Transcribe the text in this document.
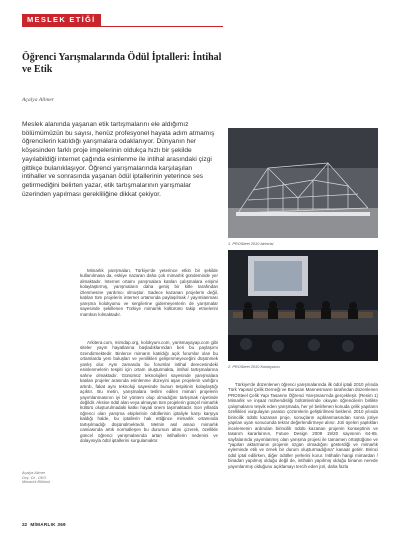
MESLEK ETİĞİ
Öğrenci Yarışmalarında Ödül İptalleri: İntihal ve Etik
Açalya Allmer
Meslek alanında yaşanan etik tartışmalarını ele aldığımız bölümümüzün bu sayısı, henüz profesyonel hayata adım atmamış öğrencilerin katıldığı yarışmalara odaklanıyor. Dünyanın her köşesinden farklı proje imgelerinin oldukça hızlı bir şekilde yayılabildiği internet çağında esinlenme ile intihal arasındaki çizgi gittikçe bulanıklaşıyor. Öğrenci yarışmalarında karşılaşılan intihaller ve sonrasında yaşanan ödül iptallerinin yeterince ses getirmediğini belirten yazar, etik tartışmalarının yarışmalar üzerinden yapılması gerekliliğine dikkat çekiyor.
1. PROSteel 2010 birincisi
2. PROSteel 2010 Kolokyumu

Mimarlık yarışmaları, Türkiye'de yeterince etkin bir şekilde kullanılmasa da, eskiye nazaran daha çok mimarlık gündeminde yer almaktadır. İnternet ortamı yarışmalara katılan çalışmalara erişimi kolaylaştırmış, yarışmaların daha geniş bir kitle tarafından izlenmesine yardımcı olmuştur. Sadece kazanan projelerin değil, katılan tüm projelerin internet ortamında paylaşılmak / yayımlanması yarışma kolokyumu ve sergilerine gidemeyenlerin de yarışmalar sayesinde şekillenen Türkiye mimarlık kültürünü takip etmelerini mümkün kılmaktadır.

Arkitera.com, mimdap.org, kolokyum.com, yarismayayap.com gibi siteler yayın hayatlarına başladıklarından beri bu paylaşımı özendirmektedir. Binlerce mimarın katıldığı açık forumlar olan bu ortamlarda yeni buluşları ve yenilikleri gelişenmeyeceğini düşünmek yanlış olur. Aynı zamanda bu forumlar intihal derecesindeki esinlenmelerin tespiti için ortam oluşturmakta, intihal tartışmalarına sahne olmaktadır. Günümüz teknolojileri sayesinde yarışmalara katılan projeler arasında esinlenme düzeyini aşan projelerin varlığını artırdı, fakat aynı teknoloji sayesinde bunun tespitinin kolaylaştığı açıktır. Bu metin, yarışmalara teslim edilen mimari projelerin yayımlanmasının iyi bir yöntem olup olmadığını tartışmak niyetinde değildir. Aksine ödül alan veya almayan tüm projelerin günçel mimarlık kültürü oluşturulmadaki katkıı hayati önem taşımaktadır. Son yıllarda öğrenci olan yarışma ekiplerinin ödüllerinin iptaliyle karşı karşıya kaldığı halde, bu iptallerin hak ettiğince mimarlık ortamında tartışılmadığı düşünülmektedir. Metnin asıl amacı mimarlık camiasında artık normalleşen bu durumun altını çizerek, özellikle güncel öğrenci yarışmalarında artan intihallerin nedenini ve dolayısıyla ödül iptallerini sorgulamaktır.

Türkiye'de düzenlenen öğrenci yarışmalarında ilk ödül iptali 2010 yılında Türk Yapısal Çelik Derneği ve Borusan Mannesmann tarafından düzenlenen PROSteel Çelik Yapı Tasarımı Öğrenci Yarışması'nda gerçekleşir. (Resim 1) Mimarlık ve inşaat mühendisliği bölümlerinde okuyan öğrencilerin birlikte çalışmalarını teşvik eden yarışmada, her yıl belirlenen konuda çelik yapıların özellikleri vurgulayan yaratıcı çözümlerin geliştirilmesi beklenir. 2010 yılında birincilik ödülü kazanan proje, sonuçların açıklanmasından sonra jüriye yapılan uyarı sonucunda tekrar değerlendirmeye alınır. Jüri üyeleri yaptıkları incelemenin ardından birincilik ödülü kazanan projenin konseptinin ve tasarım kararlarının, Future Design 2009 19/20 sayısının 64-65. sayfalarında yayımlanmış olan yarışma projesi ile tamamen örtüştüğüne ve "yapılan aktarmanın projenin özgün olmadığını gösterdiği ve mimarlık eyleminde etik ve örnek bir durum oluşturmadığına" kanaat getirir. Birinci ödül iptal edilirken, diğer ödüller yerlerini korur. İntihalin hangi mimardan / binadan yapılmış olduğu değil de, intihalin yapılmış olduğu binanın nerede yayımlanmış olduğunu açıklamayı tercih eden jüri, daha fazla

Açalya Allmer
Doç. Dr., OEÜ
Mimarlık Bölümü
22 MİMARLIK 369
